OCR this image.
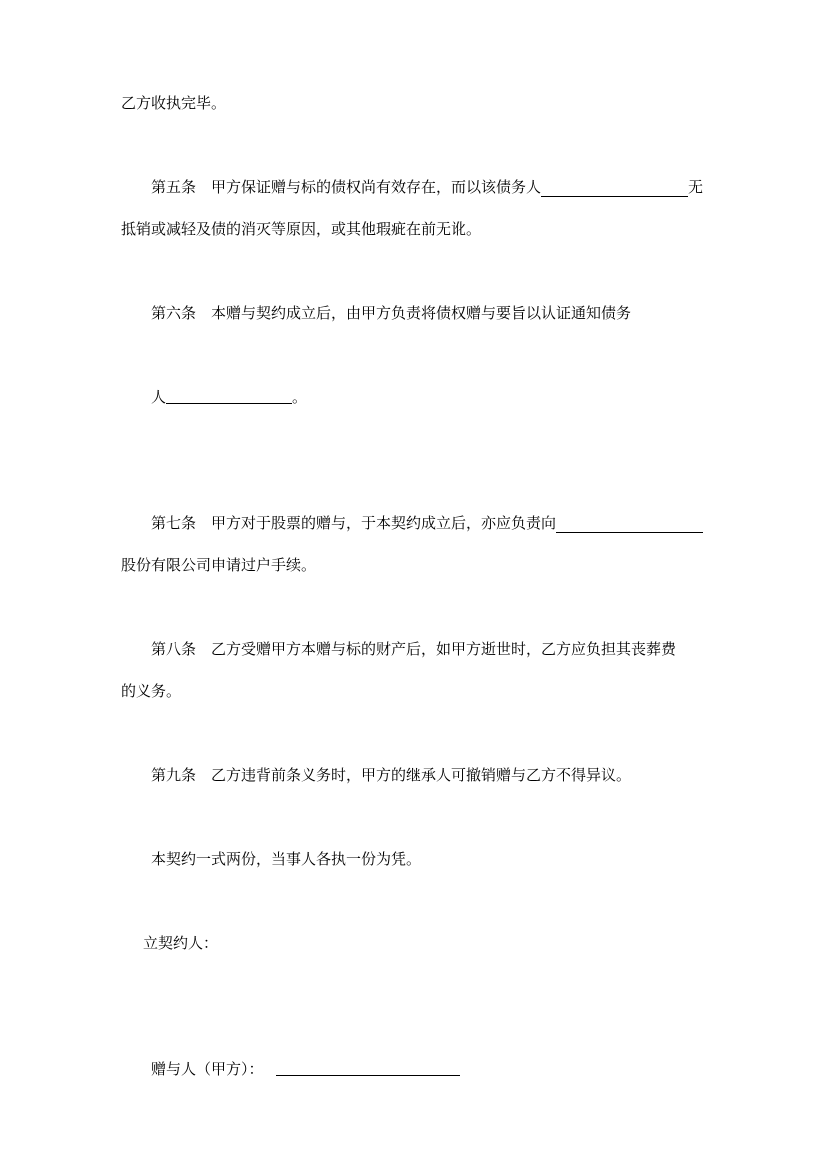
乙方收执完毕。
第五条　甲方保证赠与标的债权尚有效存在，而以该债务人	无
抵销或减轻及债的消灭等原因，或其他瑕疵在前无讹。
第六条　本赠与契约成立后，由甲方负责将债权赠与要旨以认证通知债务

人	。

第七条　甲方对于股票的赠与，于本契约成立后，亦应负责向
股份有限公司申请过户手续。
第八条　乙方受赠甲方本赠与标的财产后，如甲方逝世时，乙方应负担其丧葬费
的义务。
第九条　乙方违背前条义务时，甲方的继承人可撤销赠与乙方不得异议。
本契约一式两份，当事人各执一份为凭。
立契约人：

赠与人（甲方）：
